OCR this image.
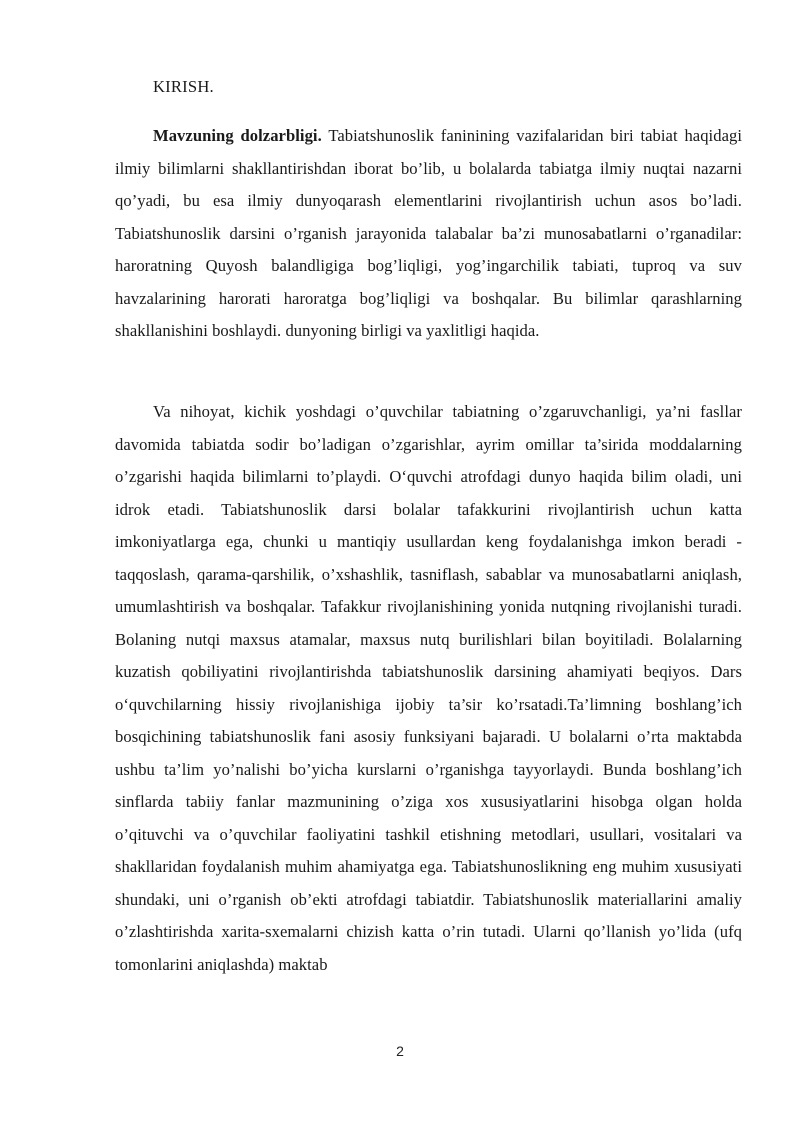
KIRISH.

Mavzuning dolzarbligi. Tabiatshunoslik faninining vazifalaridan biri tabiat haqidagi ilmiy bilimlarni shakllantirishdan iborat bo’lib, u bolalarda tabiatga ilmiy nuqtai nazarni qo’yadi, bu esa ilmiy dunyoqarash elementlarini rivojlantirish uchun asos bo’ladi. Tabiatshunoslik darsini o’rganish jarayonida talabalar ba’zi munosabatlarni o’rganadilar: haroratning Quyosh balandligiga bog’liqligi, yog’ingarchilik tabiati, tuproq va suv havzalarining harorati haroratga bog’liqligi va boshqalar. Bu bilimlar qarashlarning shakllanishini boshlaydi. dunyoning birligi va yaxlitligi haqida.

Va nihoyat, kichik yoshdagi o’quvchilar tabiatning o’zgaruvchanligi, ya’ni fasllar davomida tabiatda sodir bo’ladigan o’zgarishlar, ayrim omillar ta’sirida moddalarning o’zgarishi haqida bilimlarni to’playdi. O‘quvchi atrofdagi dunyo haqida bilim oladi, uni idrok etadi. Tabiatshunoslik darsi bolalar tafakkurini rivojlantirish uchun katta imkoniyatlarga ega, chunki u mantiqiy usullardan keng foydalanishga imkon beradi - taqqoslash, qarama-qarshilik, o’xshashlik, tasniflash, sabablar va munosabatlarni aniqlash, umumlashtirish va boshqalar. Tafakkur rivojlanishining yonida nutqning rivojlanishi turadi. Bolaning nutqi maxsus atamalar, maxsus nutq burilishlari bilan boyitiladi. Bolalarning kuzatish qobiliyatini rivojlantirishda tabiatshunoslik darsining ahamiyati beqiyos. Dars o‘quvchilarning hissiy rivojlanishiga ijobiy ta’sir ko’rsatadi.Ta’limning boshlang’ich bosqichining tabiatshunoslik fani asosiy funksiyani bajaradi. U bolalarni o’rta maktabda ushbu ta’lim yo’nalishi bo’yicha kurslarni o’rganishga tayyorlaydi. Bunda boshlang’ich sinflarda tabiiy fanlar mazmunining o’ziga xos xususiyatlarini hisobga olgan holda o’qituvchi va o’quvchilar faoliyatini tashkil etishning metodlari, usullari, vositalari va shakllaridan foydalanish muhim ahamiyatga ega. Tabiatshunoslikning eng muhim xususiyati shundaki, uni o’rganish ob’ekti atrofdagi tabiatdir. Tabiatshunoslik materiallarini amaliy o’zlashtirishda xarita-sxemalarni chizish katta o’rin tutadi. Ularni qo’llanish yo’lida (ufq tomonlarini aniqlashda) maktab

2
